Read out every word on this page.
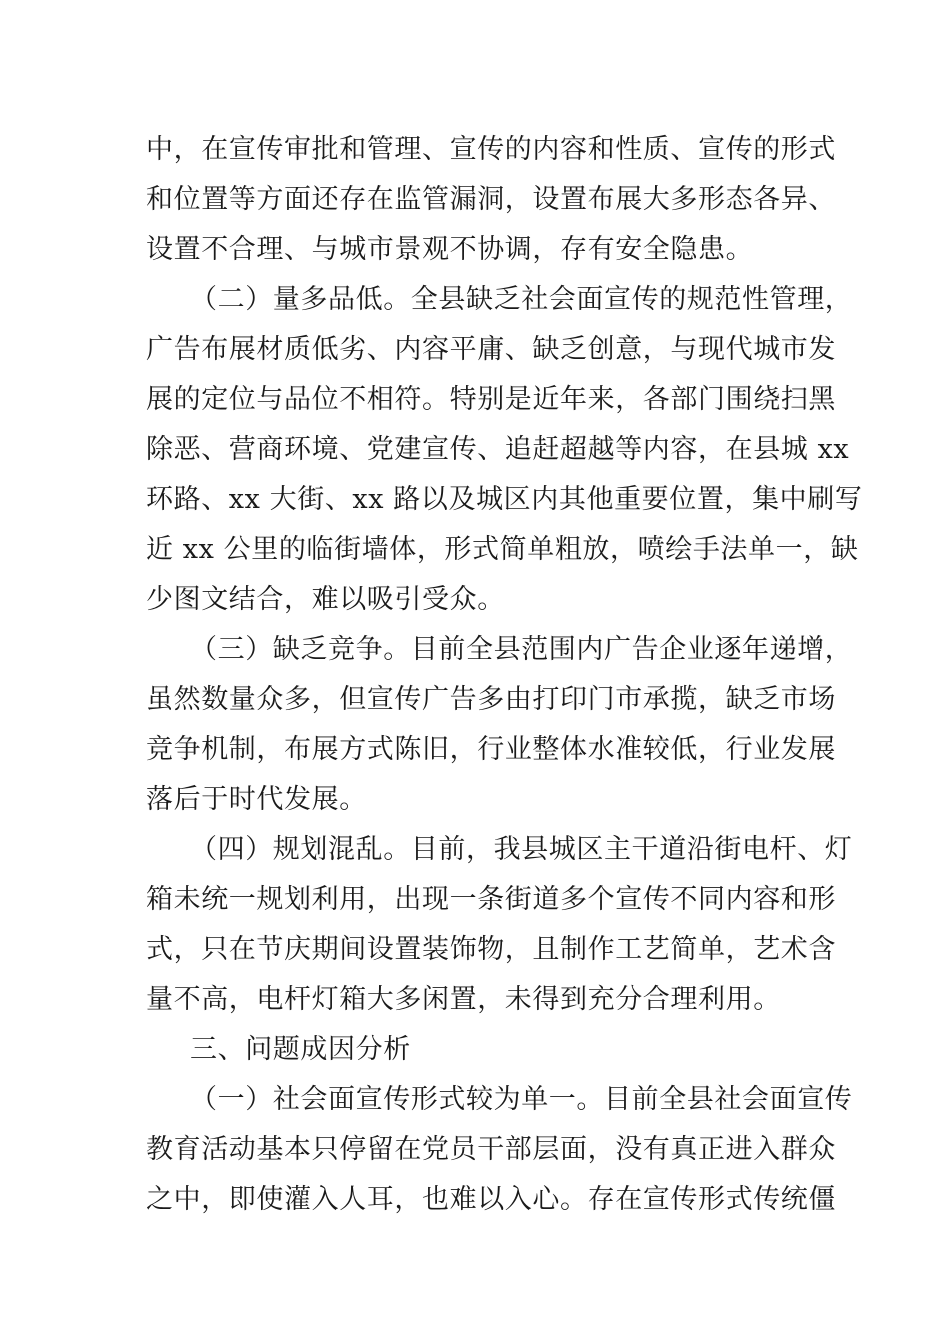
中，在宣传审批和管理、宣传的内容和性质、宣传的形式

和位置等方面还存在监管漏洞，设置布展大多形态各异、

设置不合理、与城市景观不协调，存有安全隐患。

（二）量多品低。全县缺乏社会面宣传的规范性管理，

广告布展材质低劣、内容平庸、缺乏创意，与现代城市发

展的定位与品位不相符。特别是近年来，各部门围绕扫黑

除恶、营商环境、党建宣传、追赶超越等内容，在县城 xx

环路、xx 大街、xx 路以及城区内其他重要位置，集中刷写

近 xx 公里的临街墙体，形式简单粗放，喷绘手法单一，缺

少图文结合，难以吸引受众。

（三）缺乏竞争。目前全县范围内广告企业逐年递增，

虽然数量众多，但宣传广告多由打印门市承揽，缺乏市场

竞争机制，布展方式陈旧，行业整体水准较低，行业发展

落后于时代发展。

（四）规划混乱。目前，我县城区主干道沿街电杆、灯

箱未统一规划利用，出现一条街道多个宣传不同内容和形

式，只在节庆期间设置装饰物，且制作工艺简单，艺术含

量不高，电杆灯箱大多闲置，未得到充分合理利用。

三、问题成因分析

（一）社会面宣传形式较为单一。目前全县社会面宣传

教育活动基本只停留在党员干部层面，没有真正进入群众

之中，即使灌入人耳，也难以入心。存在宣传形式传统僵
